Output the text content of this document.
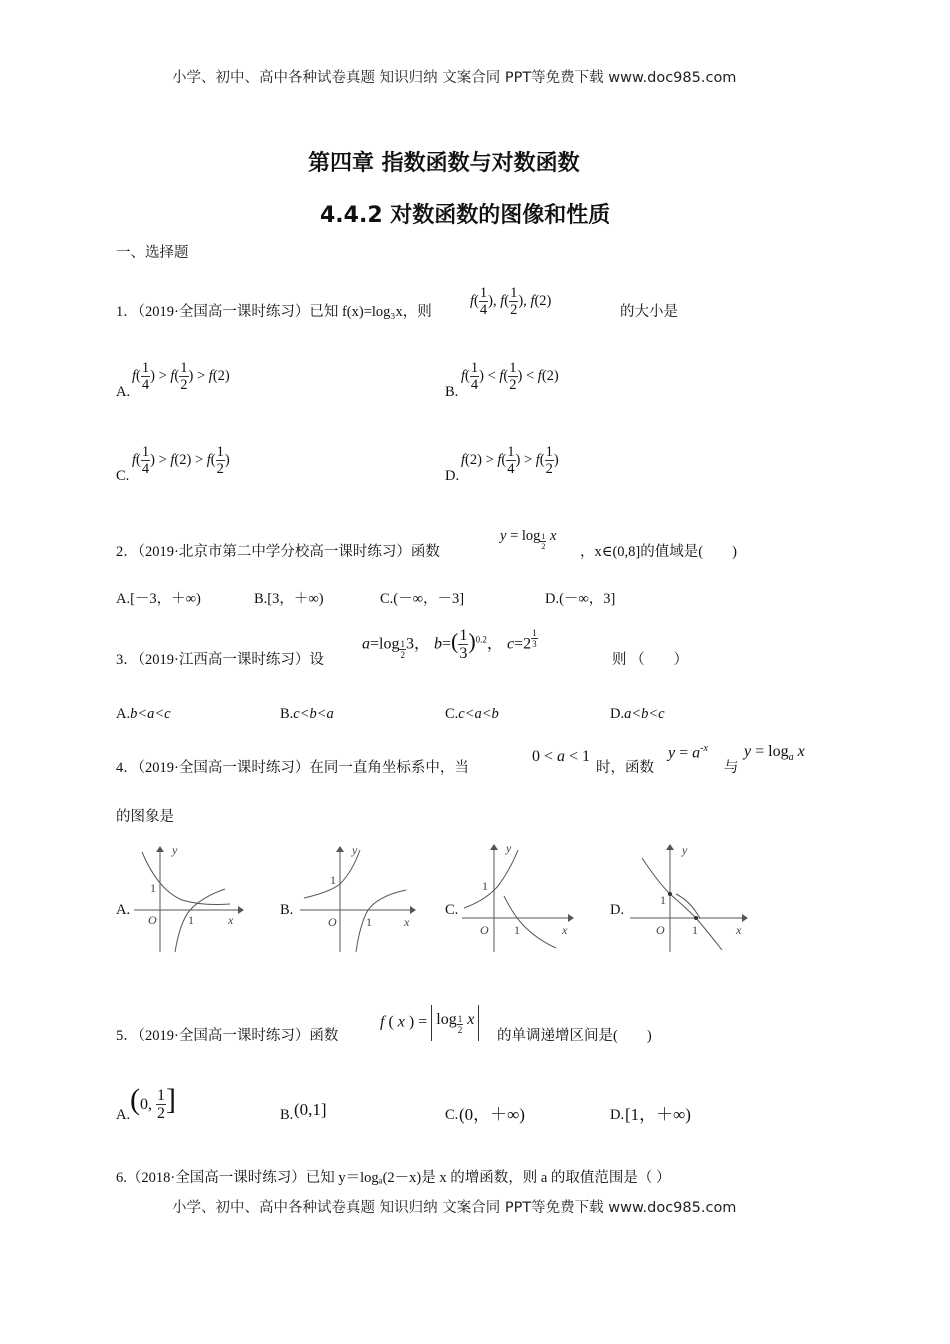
小学、初中、高中各种试卷真题 知识归纳 文案合同 PPT等免费下载 www.doc985.com
第四章 指数函数与对数函数
4.4.2 对数函数的图像和性质
一、选择题
1．（2019·全国高一课时练习）已知 f(x)=log₃x，则
$f( \frac{1}{4}$ ), $f( \frac{1}{2}$ ), f(2)
的大小是
A.
$f( \frac{1}{4}$ ) > $f( \frac{1}{2}$ ) > f(2)
B.
$f( \frac{1}{4}$ ) < $f( \frac{1}{2}$ ) < f(2)
C.
$f( \frac{1}{4}$ ) > $f(2) > f( \frac{1}{2}$ )
D.
$f(2) > f( \frac{1}{4}$ ) > $f( \frac{1}{2}$ )
2．（2019·北京市第二中学分校高一课时练习）函数
y = log $_{\frac{1}{2}}$ x
，x∈(0,8]的值域是(　　)
A.[－3，＋∞)	B.[3，＋∞)	C.(－∞，－3]	D.(－∞，3]
3．（2019·江西高一课时练习）设
a=log $_{\frac{1}{2}}$ 3， $b=( \frac{1}{3} )^{0.2}$， c=2 $^{\frac{1}{3}}$
则 （　　）
A.b<a<c	B.c<b<a	C.c<a<b	D.a<b<c
4．（2019·全国高一课时练习）在同一直角坐标系中，当
0 < a < 1
时，函数
$y = a^{-x}$
与
$y = \log_a x$
的图象是
A.
y
x
O
1
1
B.
y
x
O
1
1
C.
y
x
O
1
1
D.
y
x
O
1
1
5．（2019·全国高一课时练习）函数
f ( x ) = log $_{\frac{1}{2}}$ x
的单调递增区间是(　　)
A. (0, $\frac{1}{2}$ ]	B. (0,1]	C. (0，＋∞)	D. [1，＋∞)
6.（2018·全国高一课时练习）已知 y＝logₐ(2－x)是 x 的增函数，则 a 的取值范围是（ ）
小学、初中、高中各种试卷真题 知识归纳 文案合同 PPT等免费下载 www.doc985.com
